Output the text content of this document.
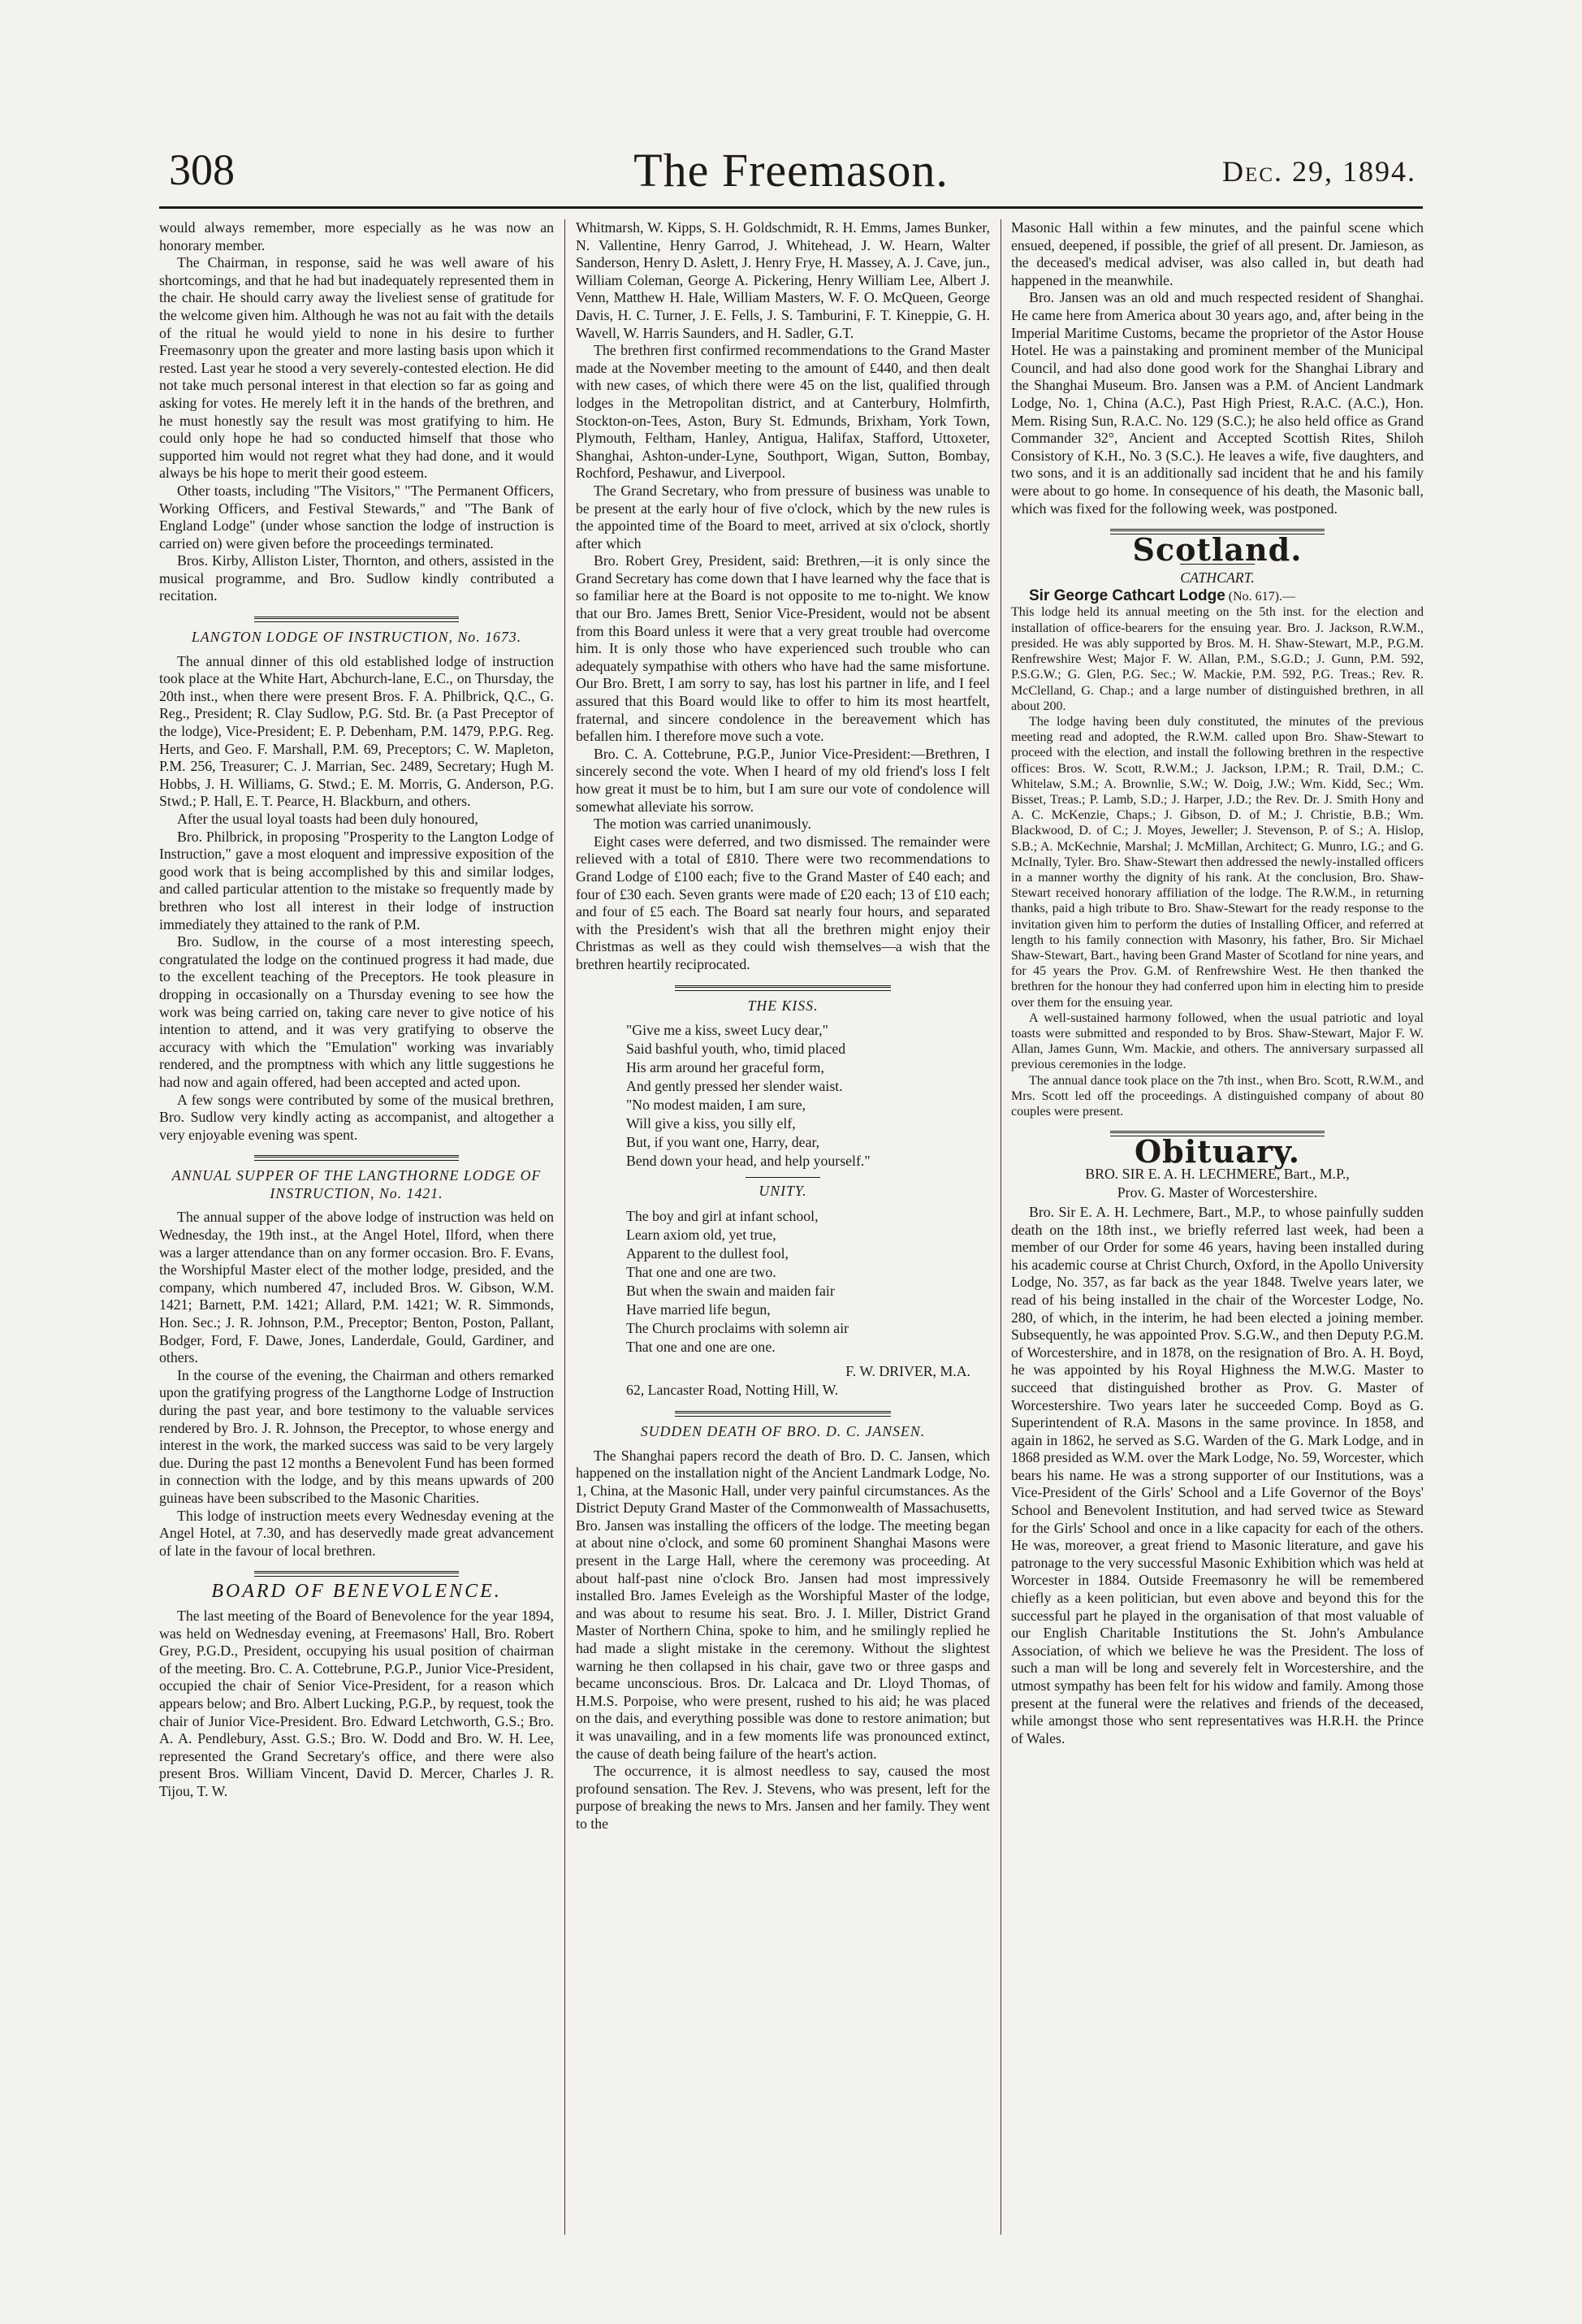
308	The Freemason.	Dec. 29, 1894.

would always remember, more especially as he was now an honorary member.

The Chairman, in response, said he was well aware of his shortcomings, and that he had but inadequately represented them in the chair. He should carry away the liveliest sense of gratitude for the welcome given him. Although he was not au fait with the details of the ritual he would yield to none in his desire to further Freemasonry upon the greater and more lasting basis upon which it rested. Last year he stood a very severely-contested election. He did not take much personal interest in that election so far as going and asking for votes. He merely left it in the hands of the brethren, and he must honestly say the result was most gratifying to him. He could only hope he had so conducted himself that those who supported him would not regret what they had done, and it would always be his hope to merit their good esteem.

Other toasts, including "The Visitors," "The Permanent Officers, Working Officers, and Festival Stewards," and "The Bank of England Lodge" (under whose sanction the lodge of instruction is carried on) were given before the proceedings terminated.

Bros. Kirby, Alliston Lister, Thornton, and others, assisted in the musical programme, and Bro. Sudlow kindly contributed a recitation.

LANGTON LODGE OF INSTRUCTION, No. 1673.

The annual dinner of this old established lodge of instruction took place at the White Hart, Abchurch-lane, E.C., on Thursday, the 20th inst., when there were present Bros. F. A. Philbrick, Q.C., G. Reg., President; R. Clay Sudlow, P.G. Std. Br. (a Past Preceptor of the lodge), Vice-President; E. P. Debenham, P.M. 1479, P.P.G. Reg. Herts, and Geo. F. Marshall, P.M. 69, Preceptors; C. W. Mapleton, P.M. 256, Treasurer; C. J. Marrian, Sec. 2489, Secretary; Hugh M. Hobbs, J. H. Williams, G. Stwd.; E. M. Morris, G. Anderson, P.G. Stwd.; P. Hall, E. T. Pearce, H. Blackburn, and others.

After the usual loyal toasts had been duly honoured,

Bro. Philbrick, in proposing "Prosperity to the Langton Lodge of Instruction," gave a most eloquent and impressive exposition of the good work that is being accomplished by this and similar lodges, and called particular attention to the mistake so frequently made by brethren who lost all interest in their lodge of instruction immediately they attained to the rank of P.M.

Bro. Sudlow, in the course of a most interesting speech, congratulated the lodge on the continued progress it had made, due to the excellent teaching of the Preceptors. He took pleasure in dropping in occasionally on a Thursday evening to see how the work was being carried on, taking care never to give notice of his intention to attend, and it was very gratifying to observe the accuracy with which the "Emulation" working was invariably rendered, and the promptness with which any little suggestions he had now and again offered, had been accepted and acted upon.

A few songs were contributed by some of the musical brethren, Bro. Sudlow very kindly acting as accompanist, and altogether a very enjoyable evening was spent.

ANNUAL SUPPER OF THE LANGTHORNE LODGE OF INSTRUCTION, No. 1421.

The annual supper of the above lodge of instruction was held on Wednesday, the 19th inst., at the Angel Hotel, Ilford, when there was a larger attendance than on any former occasion. Bro. F. Evans, the Worshipful Master elect of the mother lodge, presided, and the company, which numbered 47, included Bros. W. Gibson, W.M. 1421; Barnett, P.M. 1421; Allard, P.M. 1421; W. R. Simmonds, Hon. Sec.; J. R. Johnson, P.M., Preceptor; Benton, Poston, Pallant, Bodger, Ford, F. Dawe, Jones, Landerdale, Gould, Gardiner, and others.

In the course of the evening, the Chairman and others remarked upon the gratifying progress of the Langthorne Lodge of Instruction during the past year, and bore testimony to the valuable services rendered by Bro. J. R. Johnson, the Preceptor, to whose energy and interest in the work, the marked success was said to be very largely due. During the past 12 months a Benevolent Fund has been formed in connection with the lodge, and by this means upwards of 200 guineas have been subscribed to the Masonic Charities.

This lodge of instruction meets every Wednesday evening at the Angel Hotel, at 7.30, and has deservedly made great advancement of late in the favour of local brethren.

BOARD OF BENEVOLENCE.

The last meeting of the Board of Benevolence for the year 1894, was held on Wednesday evening, at Freemasons' Hall, Bro. Robert Grey, P.G.D., President, occupying his usual position of chairman of the meeting. Bro. C. A. Cottebrune, P.G.P., Junior Vice-President, occupied the chair of Senior Vice-President, for a reason which appears below; and Bro. Albert Lucking, P.G.P., by request, took the chair of Junior Vice-President. Bro. Edward Letchworth, G.S.; Bro. A. A. Pendlebury, Asst. G.S.; Bro. W. Dodd and Bro. W. H. Lee, represented the Grand Secretary's office, and there were also present Bros. William Vincent, David D. Mercer, Charles J. R. Tijou, T. W.

Whitmarsh, W. Kipps, S. H. Goldschmidt, R. H. Emms, James Bunker, N. Vallentine, Henry Garrod, J. Whitehead, J. W. Hearn, Walter Sanderson, Henry D. Aslett, J. Henry Frye, H. Massey, A. J. Cave, jun., William Coleman, George A. Pickering, Henry William Lee, Albert J. Venn, Matthew H. Hale, William Masters, W. F. O. McQueen, George Davis, H. C. Turner, J. E. Fells, J. S. Tamburini, F. T. Kineppie, G. H. Wavell, W. Harris Saunders, and H. Sadler, G.T.

The brethren first confirmed recommendations to the Grand Master made at the November meeting to the amount of £440, and then dealt with new cases, of which there were 45 on the list, qualified through lodges in the Metropolitan district, and at Canterbury, Holmfirth, Stockton-on-Tees, Aston, Bury St. Edmunds, Brixham, York Town, Plymouth, Feltham, Hanley, Antigua, Halifax, Stafford, Uttoxeter, Shanghai, Ashton-under-Lyne, Southport, Wigan, Sutton, Bombay, Rochford, Peshawur, and Liverpool.

The Grand Secretary, who from pressure of business was unable to be present at the early hour of five o'clock, which by the new rules is the appointed time of the Board to meet, arrived at six o'clock, shortly after which

Bro. Robert Grey, President, said: Brethren,—it is only since the Grand Secretary has come down that I have learned why the face that is so familiar here at the Board is not opposite to me to-night. We know that our Bro. James Brett, Senior Vice-President, would not be absent from this Board unless it were that a very great trouble had overcome him. It is only those who have experienced such trouble who can adequately sympathise with others who have had the same misfortune. Our Bro. Brett, I am sorry to say, has lost his partner in life, and I feel assured that this Board would like to offer to him its most heartfelt, fraternal, and sincere condolence in the bereavement which has befallen him. I therefore move such a vote.

Bro. C. A. Cottebrune, P.G.P., Junior Vice-President:—Brethren, I sincerely second the vote. When I heard of my old friend's loss I felt how great it must be to him, but I am sure our vote of condolence will somewhat alleviate his sorrow.

The motion was carried unanimously.

Eight cases were deferred, and two dismissed. The remainder were relieved with a total of £810. There were two recommendations to Grand Lodge of £100 each; five to the Grand Master of £40 each; and four of £30 each. Seven grants were made of £20 each; 13 of £10 each; and four of £5 each. The Board sat nearly four hours, and separated with the President's wish that all the brethren might enjoy their Christmas as well as they could wish themselves—a wish that the brethren heartily reciprocated.

THE KISS.
"Give me a kiss, sweet Lucy dear,"
Said bashful youth, who, timid placed
His arm around her graceful form,
And gently pressed her slender waist.
"No modest maiden, I am sure,
Will give a kiss, you silly elf,
But, if you want one, Harry, dear,
Bend down your head, and help yourself."
UNITY.
The boy and girl at infant school,
Learn axiom old, yet true,
Apparent to the dullest fool,
That one and one are two.
But when the swain and maiden fair
Have married life begun,
The Church proclaims with solemn air
That one and one are one.
F. W. DRIVER, M.A.
62, Lancaster Road, Notting Hill, W.
SUDDEN DEATH OF BRO. D. C. JANSEN.

The Shanghai papers record the death of Bro. D. C. Jansen, which happened on the installation night of the Ancient Landmark Lodge, No. 1, China, at the Masonic Hall, under very painful circumstances. As the District Deputy Grand Master of the Commonwealth of Massachusetts, Bro. Jansen was installing the officers of the lodge. The meeting began at about nine o'clock, and some 60 prominent Shanghai Masons were present in the Large Hall, where the ceremony was proceeding. At about half-past nine o'clock Bro. Jansen had most impressively installed Bro. James Eveleigh as the Worshipful Master of the lodge, and was about to resume his seat. Bro. J. I. Miller, District Grand Master of Northern China, spoke to him, and he smilingly replied he had made a slight mistake in the ceremony. Without the slightest warning he then collapsed in his chair, gave two or three gasps and became unconscious. Bros. Dr. Lalcaca and Dr. Lloyd Thomas, of H.M.S. Porpoise, who were present, rushed to his aid; he was placed on the dais, and everything possible was done to restore animation; but it was unavailing, and in a few moments life was pronounced extinct, the cause of death being failure of the heart's action.

The occurrence, it is almost needless to say, caused the most profound sensation. The Rev. J. Stevens, who was present, left for the purpose of breaking the news to Mrs. Jansen and her family. They went to the

Masonic Hall within a few minutes, and the painful scene which ensued, deepened, if possible, the grief of all present. Dr. Jamieson, as the deceased's medical adviser, was also called in, but death had happened in the meanwhile.

Bro. Jansen was an old and much respected resident of Shanghai. He came here from America about 30 years ago, and, after being in the Imperial Maritime Customs, became the proprietor of the Astor House Hotel. He was a painstaking and prominent member of the Municipal Council, and had also done good work for the Shanghai Library and the Shanghai Museum. Bro. Jansen was a P.M. of Ancient Landmark Lodge, No. 1, China (A.C.), Past High Priest, R.A.C. (A.C.), Hon. Mem. Rising Sun, R.A.C. No. 129 (S.C.); he also held office as Grand Commander 32°, Ancient and Accepted Scottish Rites, Shiloh Consistory of K.H., No. 3 (S.C.). He leaves a wife, five daughters, and two sons, and it is an additionally sad incident that he and his family were about to go home. In consequence of his death, the Masonic ball, which was fixed for the following week, was postponed.

Scotland.
CATHCART.

Sir George Cathcart Lodge (No. 617).—

This lodge held its annual meeting on the 5th inst. for the election and installation of office-bearers for the ensuing year. Bro. J. Jackson, R.W.M., presided. He was ably supported by Bros. M. H. Shaw-Stewart, M.P., P.G.M. Renfrewshire West; Major F. W. Allan, P.M., S.G.D.; J. Gunn, P.M. 592, P.S.G.W.; G. Glen, P.G. Sec.; W. Mackie, P.M. 592, P.G. Treas.; Rev. R. McClelland, G. Chap.; and a large number of distinguished brethren, in all about 200.

The lodge having been duly constituted, the minutes of the previous meeting read and adopted, the R.W.M. called upon Bro. Shaw-Stewart to proceed with the election, and install the following brethren in the respective offices: Bros. W. Scott, R.W.M.; J. Jackson, I.P.M.; R. Trail, D.M.; C. Whitelaw, S.M.; A. Brownlie, S.W.; W. Doig, J.W.; Wm. Kidd, Sec.; Wm. Bisset, Treas.; P. Lamb, S.D.; J. Harper, J.D.; the Rev. Dr. J. Smith Hony and A. C. McKenzie, Chaps.; J. Gibson, D. of M.; J. Christie, B.B.; Wm. Blackwood, D. of C.; J. Moyes, Jeweller; J. Stevenson, P. of S.; A. Hislop, S.B.; A. McKechnie, Marshal; J. McMillan, Architect; G. Munro, I.G.; and G. McInally, Tyler. Bro. Shaw-Stewart then addressed the newly-installed officers in a manner worthy the dignity of his rank. At the conclusion, Bro. Shaw-Stewart received honorary affiliation of the lodge. The R.W.M., in returning thanks, paid a high tribute to Bro. Shaw-Stewart for the ready response to the invitation given him to perform the duties of Installing Officer, and referred at length to his family connection with Masonry, his father, Bro. Sir Michael Shaw-Stewart, Bart., having been Grand Master of Scotland for nine years, and for 45 years the Prov. G.M. of Renfrewshire West. He then thanked the brethren for the honour they had conferred upon him in electing him to preside over them for the ensuing year.

A well-sustained harmony followed, when the usual patriotic and loyal toasts were submitted and responded to by Bros. Shaw-Stewart, Major F. W. Allan, James Gunn, Wm. Mackie, and others. The anniversary surpassed all previous ceremonies in the lodge.

The annual dance took place on the 7th inst., when Bro. Scott, R.W.M., and Mrs. Scott led off the proceedings. A distinguished company of about 80 couples were present.

Obituary.
BRO. SIR E. A. H. LECHMERE, Bart., M.P.,
Prov. G. Master of Worcestershire.

Bro. Sir E. A. H. Lechmere, Bart., M.P., to whose painfully sudden death on the 18th inst., we briefly referred last week, had been a member of our Order for some 46 years, having been installed during his academic course at Christ Church, Oxford, in the Apollo University Lodge, No. 357, as far back as the year 1848. Twelve years later, we read of his being installed in the chair of the Worcester Lodge, No. 280, of which, in the interim, he had been elected a joining member. Subsequently, he was appointed Prov. S.G.W., and then Deputy P.G.M. of Worcestershire, and in 1878, on the resignation of Bro. A. H. Boyd, he was appointed by his Royal Highness the M.W.G. Master to succeed that distinguished brother as Prov. G. Master of Worcestershire. Two years later he succeeded Comp. Boyd as G. Superintendent of R.A. Masons in the same province. In 1858, and again in 1862, he served as S.G. Warden of the G. Mark Lodge, and in 1868 presided as W.M. over the Mark Lodge, No. 59, Worcester, which bears his name. He was a strong supporter of our Institutions, was a Vice-President of the Girls' School and a Life Governor of the Boys' School and Benevolent Institution, and had served twice as Steward for the Girls' School and once in a like capacity for each of the others. He was, moreover, a great friend to Masonic literature, and gave his patronage to the very successful Masonic Exhibition which was held at Worcester in 1884. Outside Freemasonry he will be remembered chiefly as a keen politician, but even above and beyond this for the successful part he played in the organisation of that most valuable of our English Charitable Institutions the St. John's Ambulance Association, of which we believe he was the President. The loss of such a man will be long and severely felt in Worcestershire, and the utmost sympathy has been felt for his widow and family. Among those present at the funeral were the relatives and friends of the deceased, while amongst those who sent representatives was H.R.H. the Prince of Wales.
